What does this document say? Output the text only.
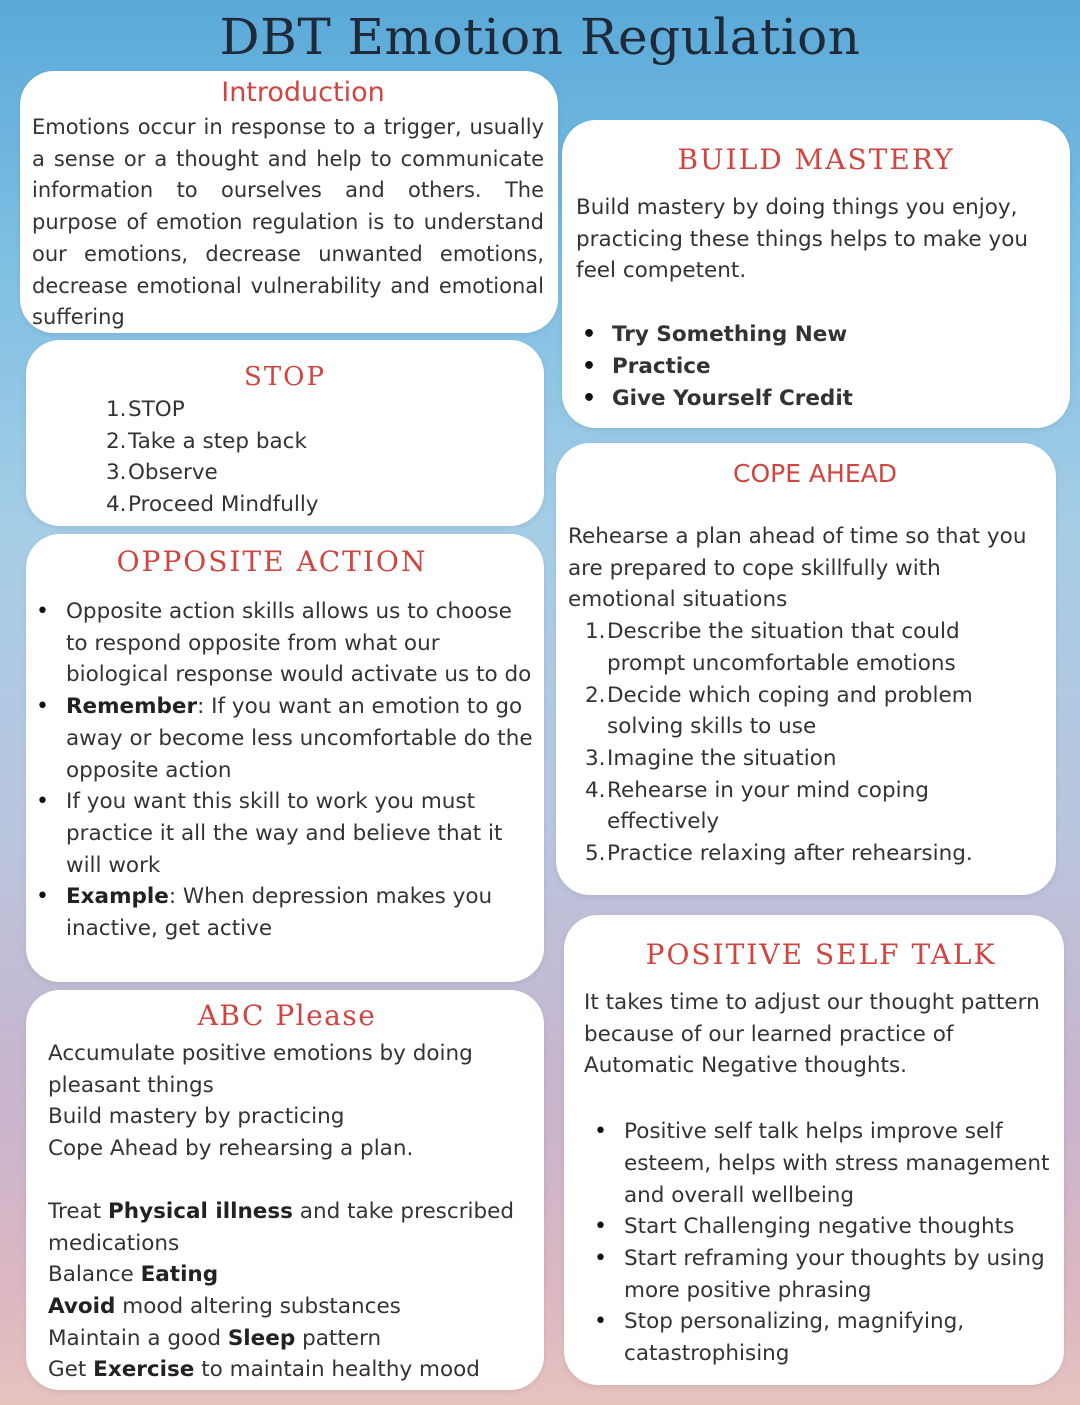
DBT Emotion Regulation
Introduction

Emotions occur in response to a trigger, usually a sense or a thought and help to communicate information to ourselves and others. The purpose of emotion regulation is to understand our emotions, decrease unwanted emotions, decrease emotional vulnerability and emotional suffering

STOP
1. STOP
2. Take a step back
3. Observe
4. Proceed Mindfully
OPPOSITE ACTION
• Opposite action skills allows us to choose to respond opposite from what our biological response would activate us to do
• Remember: If you want an emotion to go away or become less uncomfortable do the opposite action
• If you want this skill to work you must practice it all the way and believe that it will work
• Example: When depression makes you inactive, get active
ABC Please

Accumulate positive emotions by doing pleasant things

Build mastery by practicing

Cope Ahead by rehearsing a plan.

Treat Physical illness and take prescribed medications

Balance Eating

Avoid mood altering substances

Maintain a good Sleep pattern

Get Exercise to maintain healthy mood

BUILD MASTERY

Build mastery by doing things you enjoy, practicing these things helps to make you feel competent.

• Try Something New
• Practice
• Give Yourself Credit
COPE AHEAD

Rehearse a plan ahead of time so that you are prepared to cope skillfully with emotional situations

1. Describe the situation that could prompt uncomfortable emotions
2. Decide which coping and problem solving skills to use
3. Imagine the situation
4. Rehearse in your mind coping effectively
5. Practice relaxing after rehearsing.
POSITIVE SELF TALK

It takes time to adjust our thought pattern because of our learned practice of Automatic Negative thoughts.

• Positive self talk helps improve self esteem, helps with stress management and overall wellbeing
• Start Challenging negative thoughts
• Start reframing your thoughts by using more positive phrasing
• Stop personalizing, magnifying, catastrophising
